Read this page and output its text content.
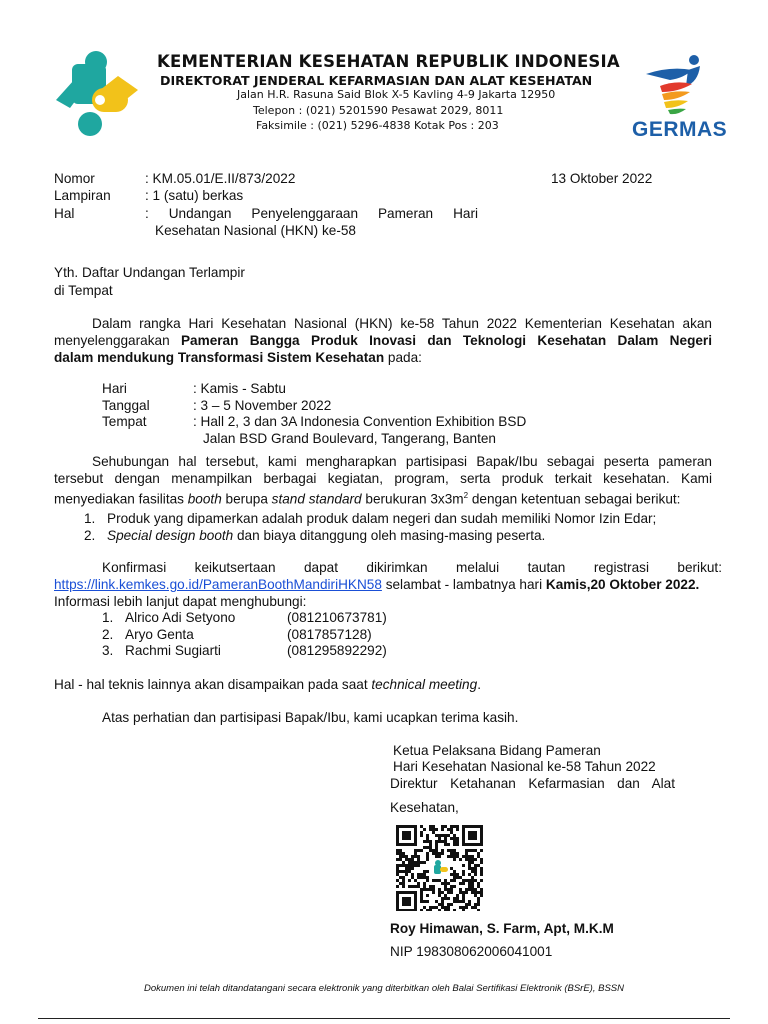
KEMENTERIAN KESEHATAN REPUBLIK INDONESIA
DIREKTORAT JENDERAL KEFARMASIAN DAN ALAT KESEHATAN
Jalan H.R. Rasuna Said Blok X-5 Kavling 4-9 Jakarta 12950
Telepon : (021) 5201590 Pesawat 2029, 8011
Faksimile : (021) 5296-4838 Kotak Pos : 203	GERMAS
Nomor	: KM.05.01/E.II/873/2022	13 Oktober 2022
Lampiran	: 1 (satu) berkas
Hal	: Undangan Penyelenggaraan Pameran Hari
Kesehatan Nasional (HKN) ke-58
Yth. Daftar Undangan Terlampir
di Tempat
Dalam rangka Hari Kesehatan Nasional (HKN) ke-58 Tahun 2022 Kementerian Kesehatan akan
menyelenggarakan Pameran Bangga Produk Inovasi dan Teknologi Kesehatan Dalam Negeri
dalam mendukung Transformasi Sistem Kesehatan pada:
Hari	: Kamis - Sabtu
Tanggal	: 3 – 5 November 2022
Tempat	: Hall 2, 3 dan 3A Indonesia Convention Exhibition BSD
Jalan BSD Grand Boulevard, Tangerang, Banten
Sehubungan hal tersebut, kami mengharapkan partisipasi Bapak/Ibu sebagai peserta pameran
tersebut dengan menampilkan berbagai kegiatan, program, serta produk terkait kesehatan. Kami
menyediakan fasilitas booth berupa stand standard berukuran $3x3m^2$ dengan ketentuan sebagai berikut:
1. Produk yang dipamerkan adalah produk dalam negeri dan sudah memiliki Nomor Izin Edar;
2. Special design booth dan biaya ditanggung oleh masing-masing peserta.
Konfirmasi keikutsertaan dapat dikirimkan melalui tautan registrasi berikut:
https://link.kemkes.go.id/PameranBoothMandiriHKN58 selambat - lambatnya hari Kamis,20 Oktober 2022.
Informasi lebih lanjut dapat menghubungi:
1. Alrico Adi Setyono	(081210673781)
2. Aryo Genta	(0817857128)
3. Rachmi Sugiarti	(081295892292)
Hal - hal teknis lainnya akan disampaikan pada saat technical meeting.
Atas perhatian dan partisipasi Bapak/Ibu, kami ucapkan terima kasih.
Ketua Pelaksana Bidang Pameran
Hari Kesehatan Nasional ke-58 Tahun 2022
Direktur Ketahanan Kefarmasian dan Alat
Kesehatan,
Roy Himawan, S. Farm, Apt, M.K.M
NIP 198308062006041001
Dokumen ini telah ditandatangani secara elektronik yang diterbitkan oleh Balai Sertifikasi Elektronik (BSrE), BSSN
